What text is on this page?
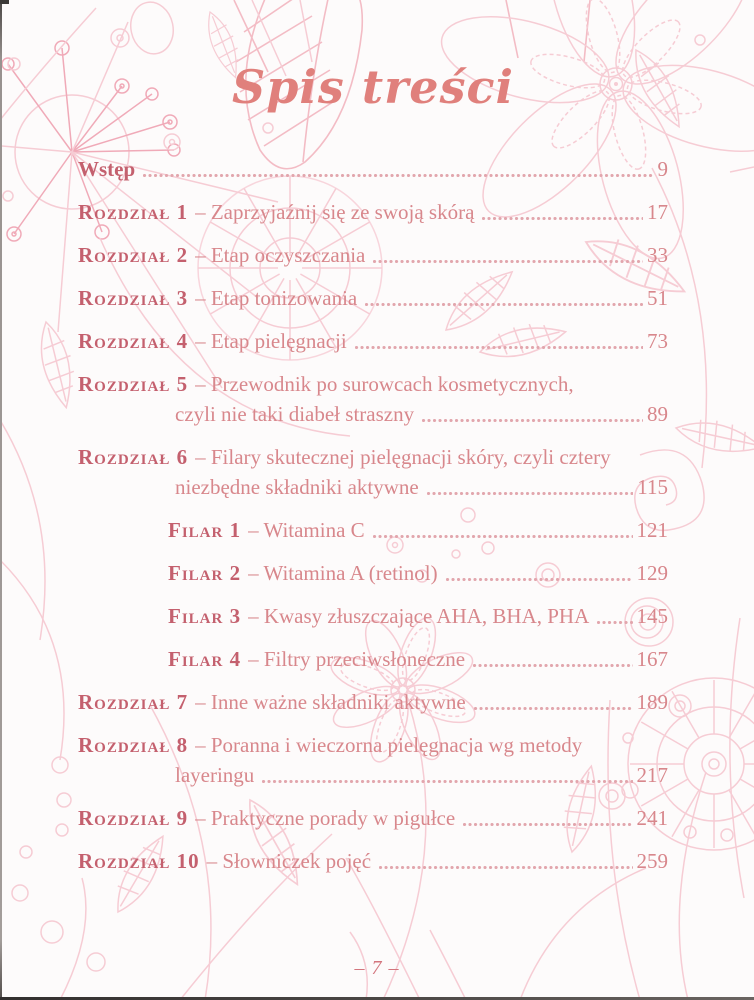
Spis treści
Wstęp	9
Rozdział 1 – Zaprzyjaźnij się ze swoją skórą	17
Rozdział 2 – Etap oczyszczania	33
Rozdział 3 – Etap tonizowania	51
Rozdział 4 – Etap pielęgnacji	73
Rozdział 5 – Przewodnik po surowcach kosmetycznych,
czyli nie taki diabeł straszny	89
Rozdział 6 – Filary skutecznej pielęgnacji skóry, czyli cztery
niezbędne składniki aktywne	115
Filar 1 – Witamina C	121
Filar 2 – Witamina A (retinol)	129
Filar 3 – Kwasy złuszczające AHA, BHA, PHA 145
Filar 4 – Filtry przeciwsłoneczne	167
Rozdział 7 – Inne ważne składniki aktywne	189
Rozdział 8 – Poranna i wieczorna pielęgnacja wg metody
layeringu	217
Rozdział 9 – Praktyczne porady w pigułce	241
Rozdział 10 – Słowniczek pojęć	259
– 7 –
